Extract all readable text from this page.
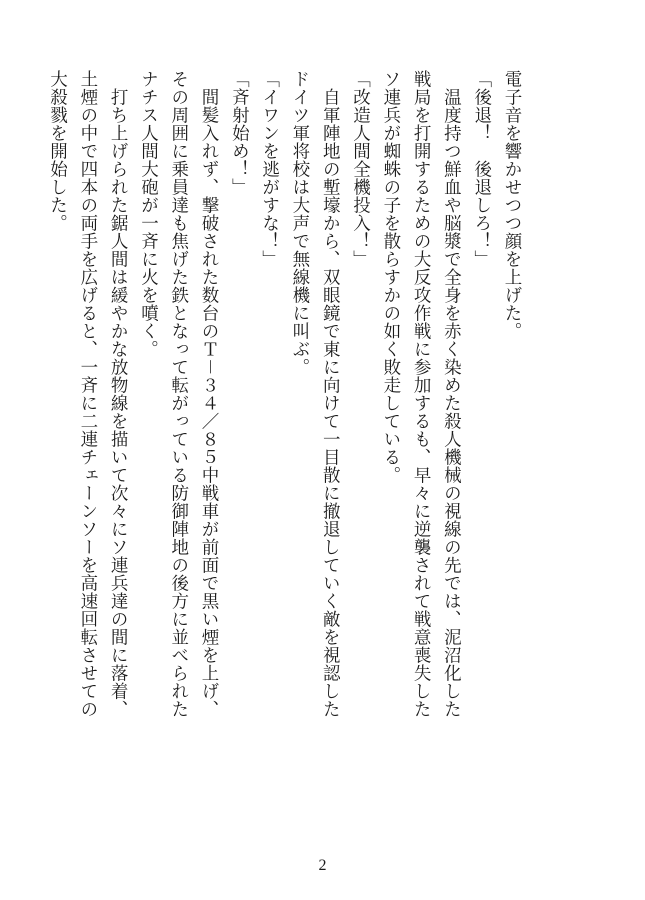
電子音を響かせつつ顔を上げた。
「後退！　後退しろ！」
　温度持つ鮮血や脳漿で全身を赤く染めた殺人機械の視線の先では、泥沼化した
戦局を打開するための大反攻作戦に参加するも、早々に逆襲されて戦意喪失した
ソ連兵が蜘蛛の子を散らすかの如く敗走している。
「改造人間全機投入！」
　自軍陣地の塹壕から、双眼鏡で東に向けて一目散に撤退していく敵を視認した
ドイツ軍将校は大声で無線機に叫ぶ。
「イワンを逃がすな！」
「斉射始め！」
　間髪入れず、撃破された数台のＴ－３４／８５中戦車が前面で黒い煙を上げ、
その周囲に乗員達も焦げた鉄となって転がっている防御陣地の後方に並べられた
ナチス人間大砲が一斉に火を噴く。
　打ち上げられた鋸人間は緩やかな放物線を描いて次々にソ連兵達の間に落着、
土煙の中で四本の両手を広げると、一斉に二連チェーンソーを高速回転させての
大殺戮を開始した。
2
